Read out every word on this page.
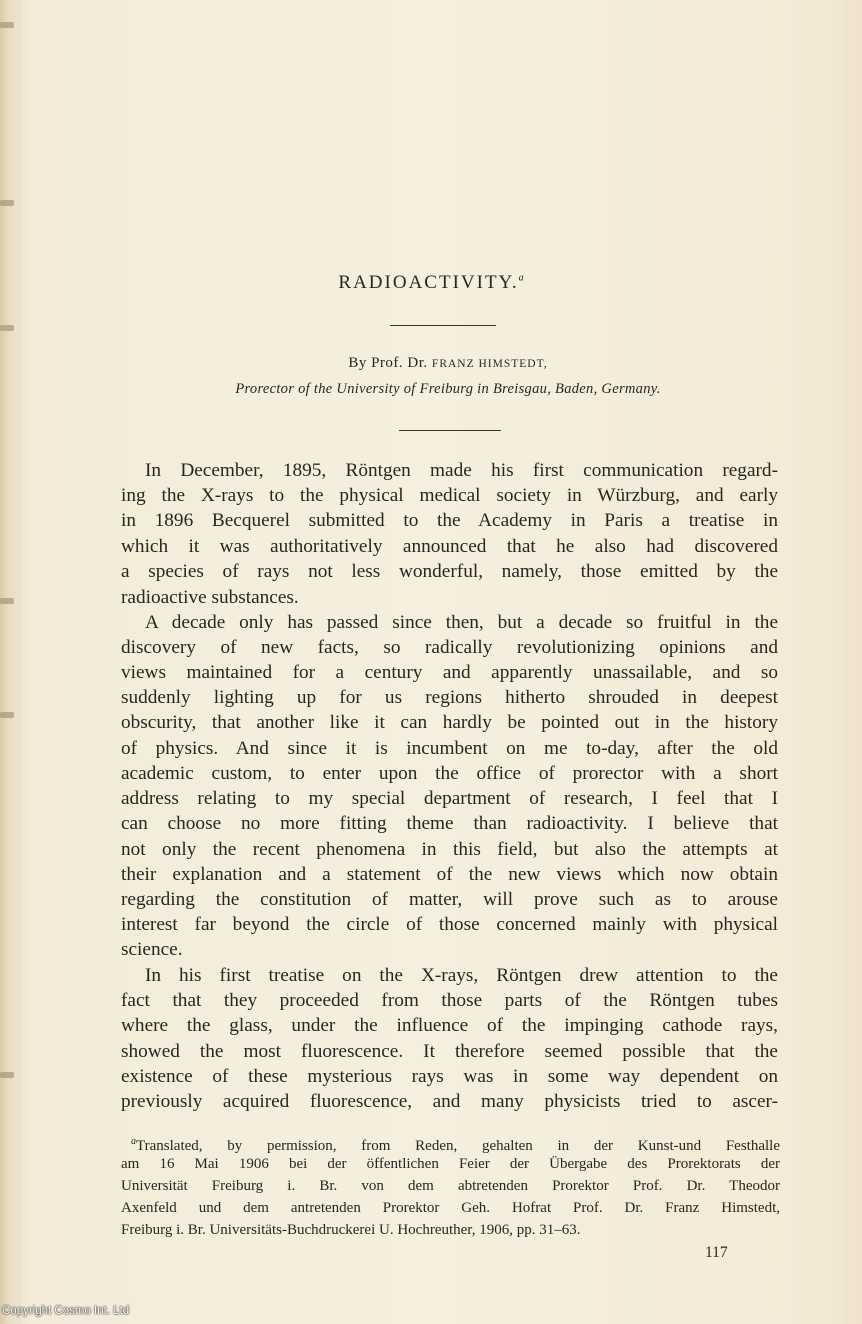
RADIOACTIVITY.$^a$
By Prof. Dr. FRANZ HIMSTEDT,
Prorector of the University of Freiburg in Breisgau, Baden, Germany.
In December, 1895, Röntgen made his first communication regard-
ing the X-rays to the physical medical society in Würzburg, and early
in 1896 Becquerel submitted to the Academy in Paris a treatise in
which it was authoritatively announced that he also had discovered
a species of rays not less wonderful, namely, those emitted by the
radioactive substances.
A decade only has passed since then, but a decade so fruitful in the
discovery of new facts, so radically revolutionizing opinions and
views maintained for a century and apparently unassailable, and so
suddenly lighting up for us regions hitherto shrouded in deepest
obscurity, that another like it can hardly be pointed out in the history
of physics. And since it is incumbent on me to-day, after the old
academic custom, to enter upon the office of prorector with a short
address relating to my special department of research, I feel that I
can choose no more fitting theme than radioactivity. I believe that
not only the recent phenomena in this field, but also the attempts at
their explanation and a statement of the new views which now obtain
regarding the constitution of matter, will prove such as to arouse
interest far beyond the circle of those concerned mainly with physical
science.
In his first treatise on the X-rays, Röntgen drew attention to the
fact that they proceeded from those parts of the Röntgen tubes
where the glass, under the influence of the impinging cathode rays,
showed the most fluorescence. It therefore seemed possible that the
existence of these mysterious rays was in some way dependent on
previously acquired fluorescence, and many physicists tried to ascer-
$^a$Translated, by permission, from Reden, gehalten in der Kunst-und Festhalle
am 16 Mai 1906 bei der öffentlichen Feier der Übergabe des Prorektorats der
Universität Freiburg i. Br. von dem abtretenden Prorektor Prof. Dr. Theodor
Axenfeld und dem antretenden Prorektor Geh. Hofrat Prof. Dr. Franz Himstedt,
Freiburg i. Br. Universitäts-Buchdruckerei U. Hochreuther, 1906, pp. 31–63.
117
Copyright Cosmo Int. Ltd
